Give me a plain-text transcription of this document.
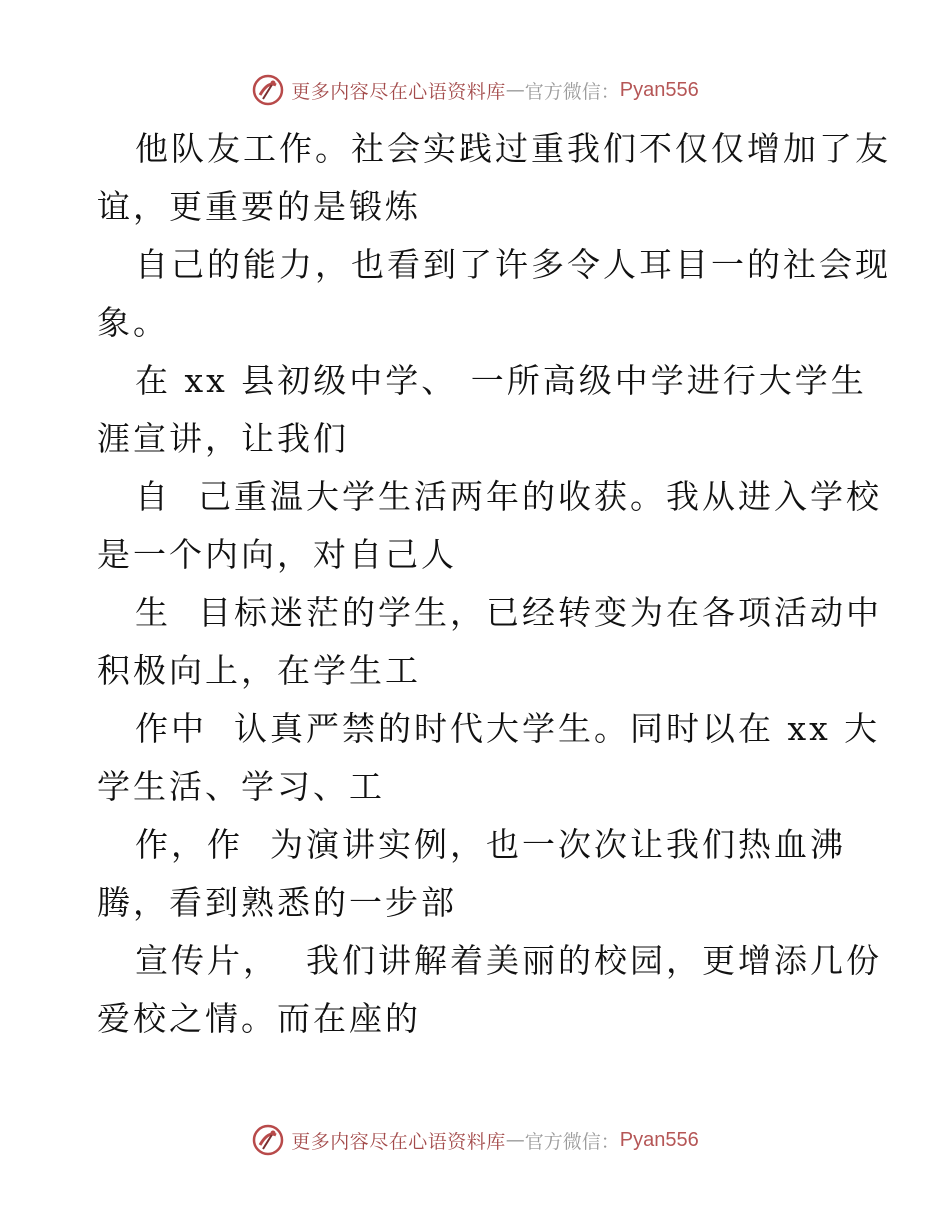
更多内容尽在心语资料库 — 官方微信： Pyan556
他队友工作。社会实践过重我们不仅仅增加了友
谊，更重要的是锻炼
自己的能力，也看到了许多令人耳目一的社会现
象。
在 xx 县初级中学、 一所高级中学进行大学生
涯宣讲，让我们
自  己重温大学生活两年的收获。我从进入学校
是一个内向，对自己人
生  目标迷茫的学生，已经转变为在各项活动中
积极向上，在学生工
作中  认真严禁的时代大学生。同时以在 xx 大
学生活、学习、工
作，作  为演讲实例，也一次次让我们热血沸
腾，看到熟悉的一步部
宣传片，  我们讲解着美丽的校园，更增添几份
爱校之情。而在座的
更多内容尽在心语资料库 — 官方微信： Pyan556
